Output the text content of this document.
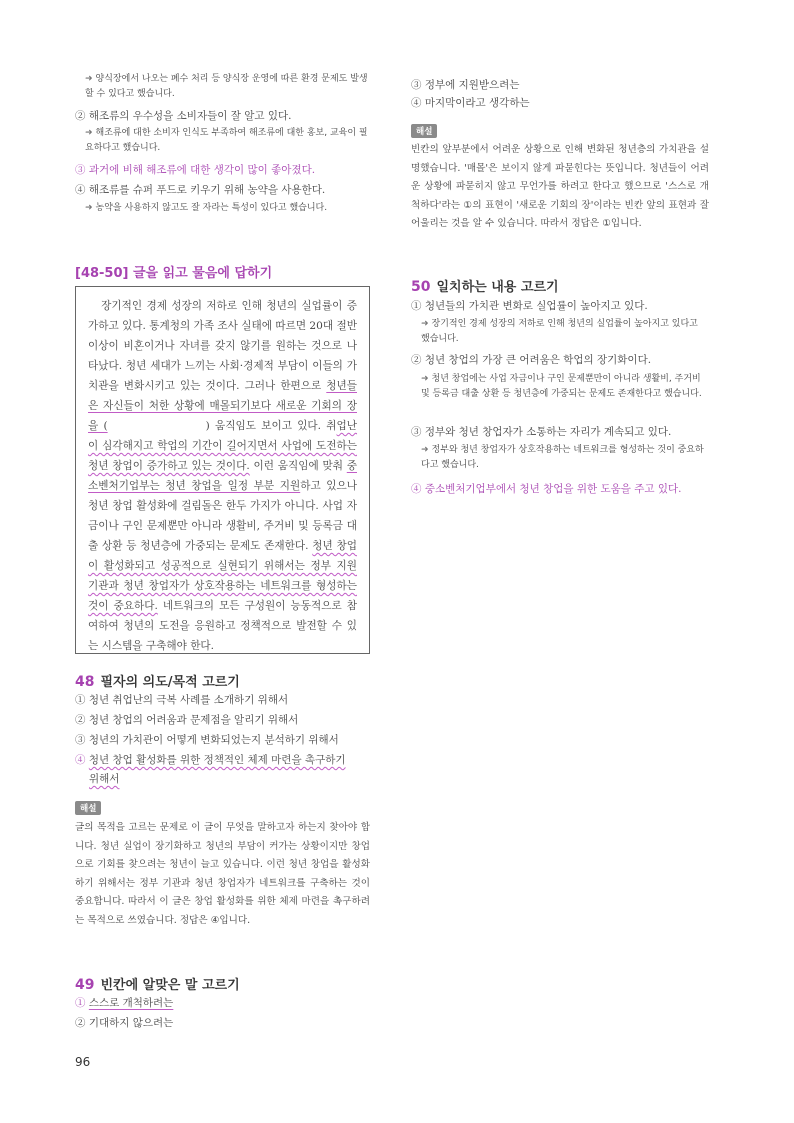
➜ 양식장에서 나오는 폐수 처리 등 양식장 운영에 따른 환경 문제도 발생할 수 있다고 했습니다.
② 해조류의 우수성을 소비자들이 잘 알고 있다.
➜ 해조류에 대한 소비자 인식도 부족하여 해조류에 대한 홍보, 교육이 필요하다고 했습니다.
③ 과거에 비해 해조류에 대한 생각이 많이 좋아졌다.
④ 해조류를 슈퍼 푸드로 키우기 위해 농약을 사용한다.
➜ 농약을 사용하지 않고도 잘 자라는 특성이 있다고 했습니다.
[48-50] 글을 읽고 물음에 답하기

장기적인 경제 성장의 저하로 인해 청년의 실업률이 증가하고 있다. 통계청의 가족 조사 실태에 따르면 20대 절반 이상이 비혼이거나 자녀를 갖지 않기를 원하는 것으로 나타났다. 청년 세대가 느끼는 사회·경제적 부담이 이들의 가치관을 변화시키고 있는 것이다. 그러나 한편으로 청년들은 자신들이 처한 상황에 매몰되기보다 새로운 기회의 장을 (	) 움직임도 보이고 있다. 취업난이 심각해지고 학업의 기간이 길어지면서 사업에 도전하는 청년 창업이 증가하고 있는 것이다. 이런 움직임에 맞춰 중소벤처기업부는 청년 창업을 일정 부분 지원하고 있으나 청년 창업 활성화에 걸림돌은 한두 가지가 아니다. 사업 자금이나 구인 문제뿐만 아니라 생활비, 주거비 및 등록금 대출 상환 등 청년층에 가중되는 문제도 존재한다. 청년 창업이 활성화되고 성공적으로 실현되기 위해서는 정부 지원 기관과 청년 창업자가 상호작용하는 네트워크를 형성하는 것이 중요하다. 네트워크의 모든 구성원이 능동적으로 참여하여 청년의 도전을 응원하고 정책적으로 발전할 수 있는 시스템을 구축해야 한다.

48 필자의 의도/목적 고르기
① 청년 취업난의 극복 사례를 소개하기 위해서
② 청년 창업의 어려움과 문제점을 알리기 위해서
③ 청년의 가치관이 어떻게 변화되었는지 분석하기 위해서
④ 청년 창업 활성화를 위한 정책적인 체제 마련을 촉구하기
위해서
해설
글의 목적을 고르는 문제로 이 글이 무엇을 말하고자 하는지 찾아야 합니다. 청년 실업이 장기화하고 청년의 부담이 커가는 상황이지만 창업으로 기회를 찾으려는 청년이 늘고 있습니다. 이런 청년 창업을 활성화하기 위해서는 정부 기관과 청년 창업자가 네트워크를 구축하는 것이 중요합니다. 따라서 이 글은 창업 활성화를 위한 체제 마련을 촉구하려는 목적으로 쓰였습니다. 정답은 ④입니다.
49 빈칸에 알맞은 말 고르기
① 스스로 개척하려는
② 기대하지 않으려는
③ 정부에 지원받으려는
④ 마지막이라고 생각하는
해설
빈칸의 앞부분에서 어려운 상황으로 인해 변화된 청년층의 가치관을 설명했습니다. '매몰'은 보이지 않게 파묻힌다는 뜻입니다. 청년들이 어려운 상황에 파묻히지 않고 무언가를 하려고 한다고 했으므로 '스스로 개척하다'라는 ①의 표현이 '새로운 기회의 장'이라는 빈칸 앞의 표현과 잘 어울리는 것을 알 수 있습니다. 따라서 정답은 ①입니다.
50 일치하는 내용 고르기
① 청년들의 가치관 변화로 실업률이 높아지고 있다.
➜ 장기적인 경제 성장의 저하로 인해 청년의 실업률이 높아지고 있다고 했습니다.
② 청년 창업의 가장 큰 어려움은 학업의 장기화이다.
➜ 청년 창업에는 사업 자금이나 구인 문제뿐만이 아니라 생활비, 주거비 및 등록금 대출 상환 등 청년층에 가중되는 문제도 존재한다고 했습니다.
③ 정부와 청년 창업자가 소통하는 자리가 계속되고 있다.
➜ 정부와 청년 창업자가 상호작용하는 네트워크를 형성하는 것이 중요하다고 했습니다.
④ 중소벤처기업부에서 청년 창업을 위한 도움을 주고 있다.
96
